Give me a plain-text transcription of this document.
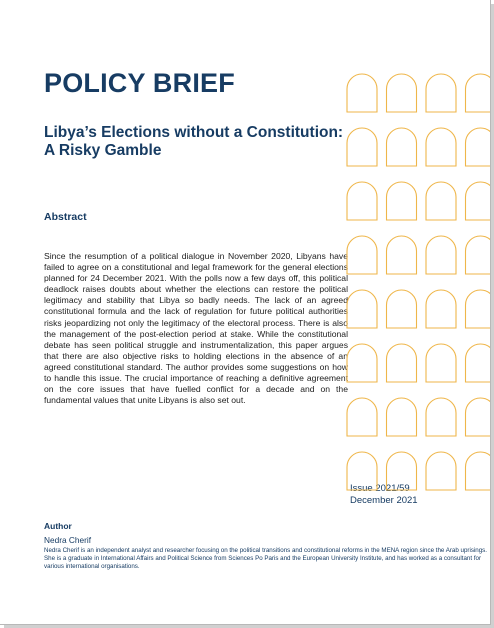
POLICY BRIEF
Libya’s Elections without a Constitution: A Risky Gamble
Abstract
Since the resumption of a political dialogue in November 2020, Libyans have failed to agree on a constitutional and legal framework for the general elections planned for 24 December 2021. With the polls now a few days off, this political deadlock raises doubts about whether the elections can restore the political legitimacy and stability that Libya so badly needs. The lack of an agreed constitutional formula and the lack of regulation for future political authorities risks jeopardizing not only the legitimacy of the electoral process. There is also the management of the post-election period at stake. While the constitutional debate has seen political struggle and instrumentalization, this paper argues that there are also objective risks to holding elections in the absence of an agreed constitutional standard. The author provides some suggestions on how to handle this issue. The crucial importance of reaching a definitive agreement on the core issues that have fuelled conflict for a decade and on the fundamental values that unite Libyans is also set out.
Issue 2021/59
December 2021
Author
Nedra Cherif
Nedra Cherif is an independent analyst and researcher focusing on the political transitions and constitutional reforms in the MENA region since the Arab uprisings. She is a graduate in International Affairs and Political Science from Sciences Po Paris and the European University Institute, and has worked as a consultant for various international organisations.
